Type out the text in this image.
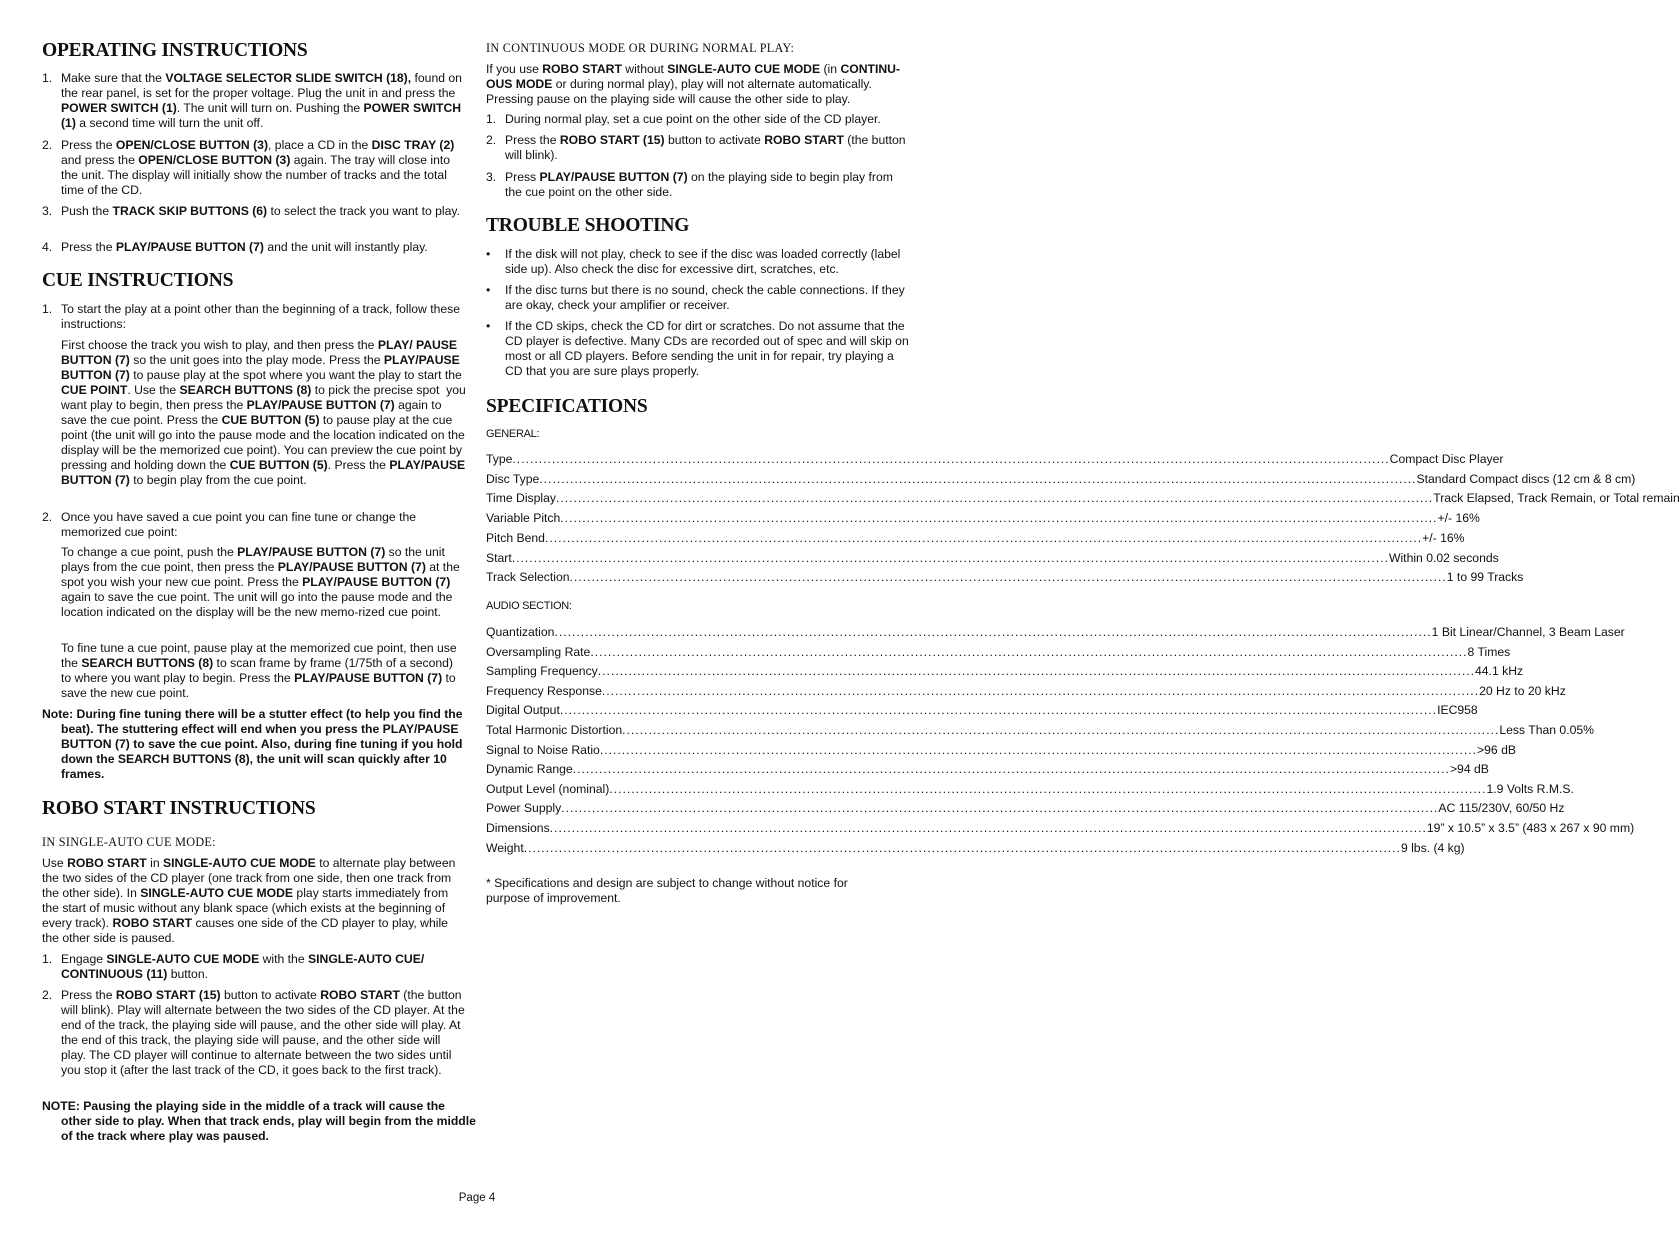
OPERATING INSTRUCTIONS
1. Make sure that the VOLTAGE SELECTOR SLIDE SWITCH (18), found on the rear panel, is set for the proper voltage. Plug the unit in and press the POWER SWITCH (1). The unit will turn on. Pushing the POWER SWITCH (1) a second time will turn the unit off.
2. Press the OPEN/CLOSE BUTTON (3), place a CD in the DISC TRAY (2) and press the OPEN/CLOSE BUTTON (3) again. The tray will close into the unit. The display will initially show the number of tracks and the total time of the CD.
3. Push the TRACK SKIP BUTTONS (6) to select the track you want to play.
4. Press the PLAY/PAUSE BUTTON (7) and the unit will instantly play.
CUE INSTRUCTIONS
1. To start the play at a point other than the beginning of a track, follow these instructions:
First choose the track you wish to play, and then press the PLAY/ PAUSE BUTTON (7) so the unit goes into the play mode. Press the PLAY/PAUSE BUTTON (7) to pause play at the spot where you want the play to start the CUE POINT. Use the SEARCH BUTTONS (8) to pick the precise spot  you want play to begin, then press the PLAY/PAUSE BUTTON (7) again to save the cue point. Press the CUE BUTTON (5) to pause play at the cue point (the unit will go into the pause mode and the location indicated on the display will be the memorized cue point). You can preview the cue point by pressing and holding down the CUE BUTTON (5). Press the PLAY/PAUSE BUTTON (7) to begin play from the cue point.
2. Once you have saved a cue point you can fine tune or change the memorized cue point:
To change a cue point, push the PLAY/PAUSE BUTTON (7) so the unit plays from the cue point, then press the PLAY/PAUSE BUTTON (7) at the spot you wish your new cue point. Press the PLAY/PAUSE BUTTON (7) again to save the cue point. The unit will go into the pause mode and the location indicated on the display will be the new memo-rized cue point.
To fine tune a cue point, pause play at the memorized cue point, then use the SEARCH BUTTONS (8) to scan frame by frame (1/75th of a second) to where you want play to begin. Press the PLAY/PAUSE BUTTON (7) to save the new cue point.
Note: During fine tuning there will be a stutter effect (to help you find the beat). The stuttering effect will end when you press the PLAY/PAUSE BUTTON (7) to save the cue point. Also, during fine tuning if you hold down the SEARCH BUTTONS (8), the unit will scan quickly after 10 frames.
ROBO START INSTRUCTIONS
IN SINGLE-AUTO CUE MODE:
Use ROBO START in SINGLE-AUTO CUE MODE to alternate play between the two sides of the CD player (one track from one side, then one track from the other side). In SINGLE-AUTO CUE MODE play starts immediately from the start of music without any blank space (which exists at the beginning of every track). ROBO START causes one side of the CD player to play, while the other side is paused.
1. Engage SINGLE-AUTO CUE MODE with the SINGLE-AUTO CUE/ CONTINUOUS (11) button.
2. Press the ROBO START (15) button to activate ROBO START (the button will blink). Play will alternate between the two sides of the CD player. At the end of the track, the playing side will pause, and the other side will play. At the end of this track, the playing side will pause, and the other side will play. The CD player will continue to alternate between the two sides until you stop it (after the last track of the CD, it goes back to the first track).
NOTE: Pausing the playing side in the middle of a track will cause the other side to play. When that track ends, play will begin from the middle of the track where play was paused.
IN CONTINUOUS MODE OR DURING NORMAL PLAY:
If you use ROBO START without SINGLE-AUTO CUE MODE (in CONTINU-OUS MODE or during normal play), play will not alternate automatically. Pressing pause on the playing side will cause the other side to play.
1. During normal play, set a cue point on the other side of the CD player.
2. Press the ROBO START (15) button to activate ROBO START (the button will blink).
3. Press PLAY/PAUSE BUTTON (7) on the playing side to begin play from the cue point on the other side.
TROUBLE SHOOTING
•	If the disk will not play, check to see if the disc was loaded correctly (label side up). Also check the disc for excessive dirt, scratches, etc.
•	If the disc turns but there is no sound, check the cable connections. If they are okay, check your amplifier or receiver.
•	If the CD skips, check the CD for dirt or scratches. Do not assume that the CD player is defective. Many CDs are recorded out of spec and will skip on most or all CD players. Before sending the unit in for repair, try playing a CD that you are sure plays properly.
SPECIFICATIONS
GENERAL:
Type ........................................................................................................................................................................................................ Compact Disc Player
Disc Type ........................................................................................................................................................................................................ Standard Compact discs (12 cm & 8 cm)
Time Display ........................................................................................................................................................................................................ Track Elapsed, Track Remain, or Total remain
Variable Pitch ........................................................................................................................................................................................................ +/- 16%
Pitch Bend ........................................................................................................................................................................................................ +/- 16%
Start ........................................................................................................................................................................................................ Within 0.02 seconds
Track Selection ........................................................................................................................................................................................................ 1 to 99 Tracks
AUDIO SECTION:
Quantization ........................................................................................................................................................................................................ 1 Bit Linear/Channel, 3 Beam Laser
Oversampling Rate ........................................................................................................................................................................................................ 8 Times
Sampling Frequency ........................................................................................................................................................................................................ 44.1 kHz
Frequency Response ........................................................................................................................................................................................................ 20 Hz to 20 kHz
Digital Output ........................................................................................................................................................................................................ IEC958
Total Harmonic Distortion ........................................................................................................................................................................................................ Less Than 0.05%
Signal to Noise Ratio ........................................................................................................................................................................................................ >96 dB
Dynamic Range ........................................................................................................................................................................................................ >94 dB
Output Level (nominal) ........................................................................................................................................................................................................ 1.9 Volts R.M.S.
Power Supply ........................................................................................................................................................................................................ AC 115/230V, 60/50 Hz
Dimensions ........................................................................................................................................................................................................ 19” x 10.5” x 3.5” (483 x 267 x 90 mm)
Weight ........................................................................................................................................................................................................ 9 lbs. (4 kg)
* Specifications and design are subject to change without notice for purpose of improvement.
Page 4
